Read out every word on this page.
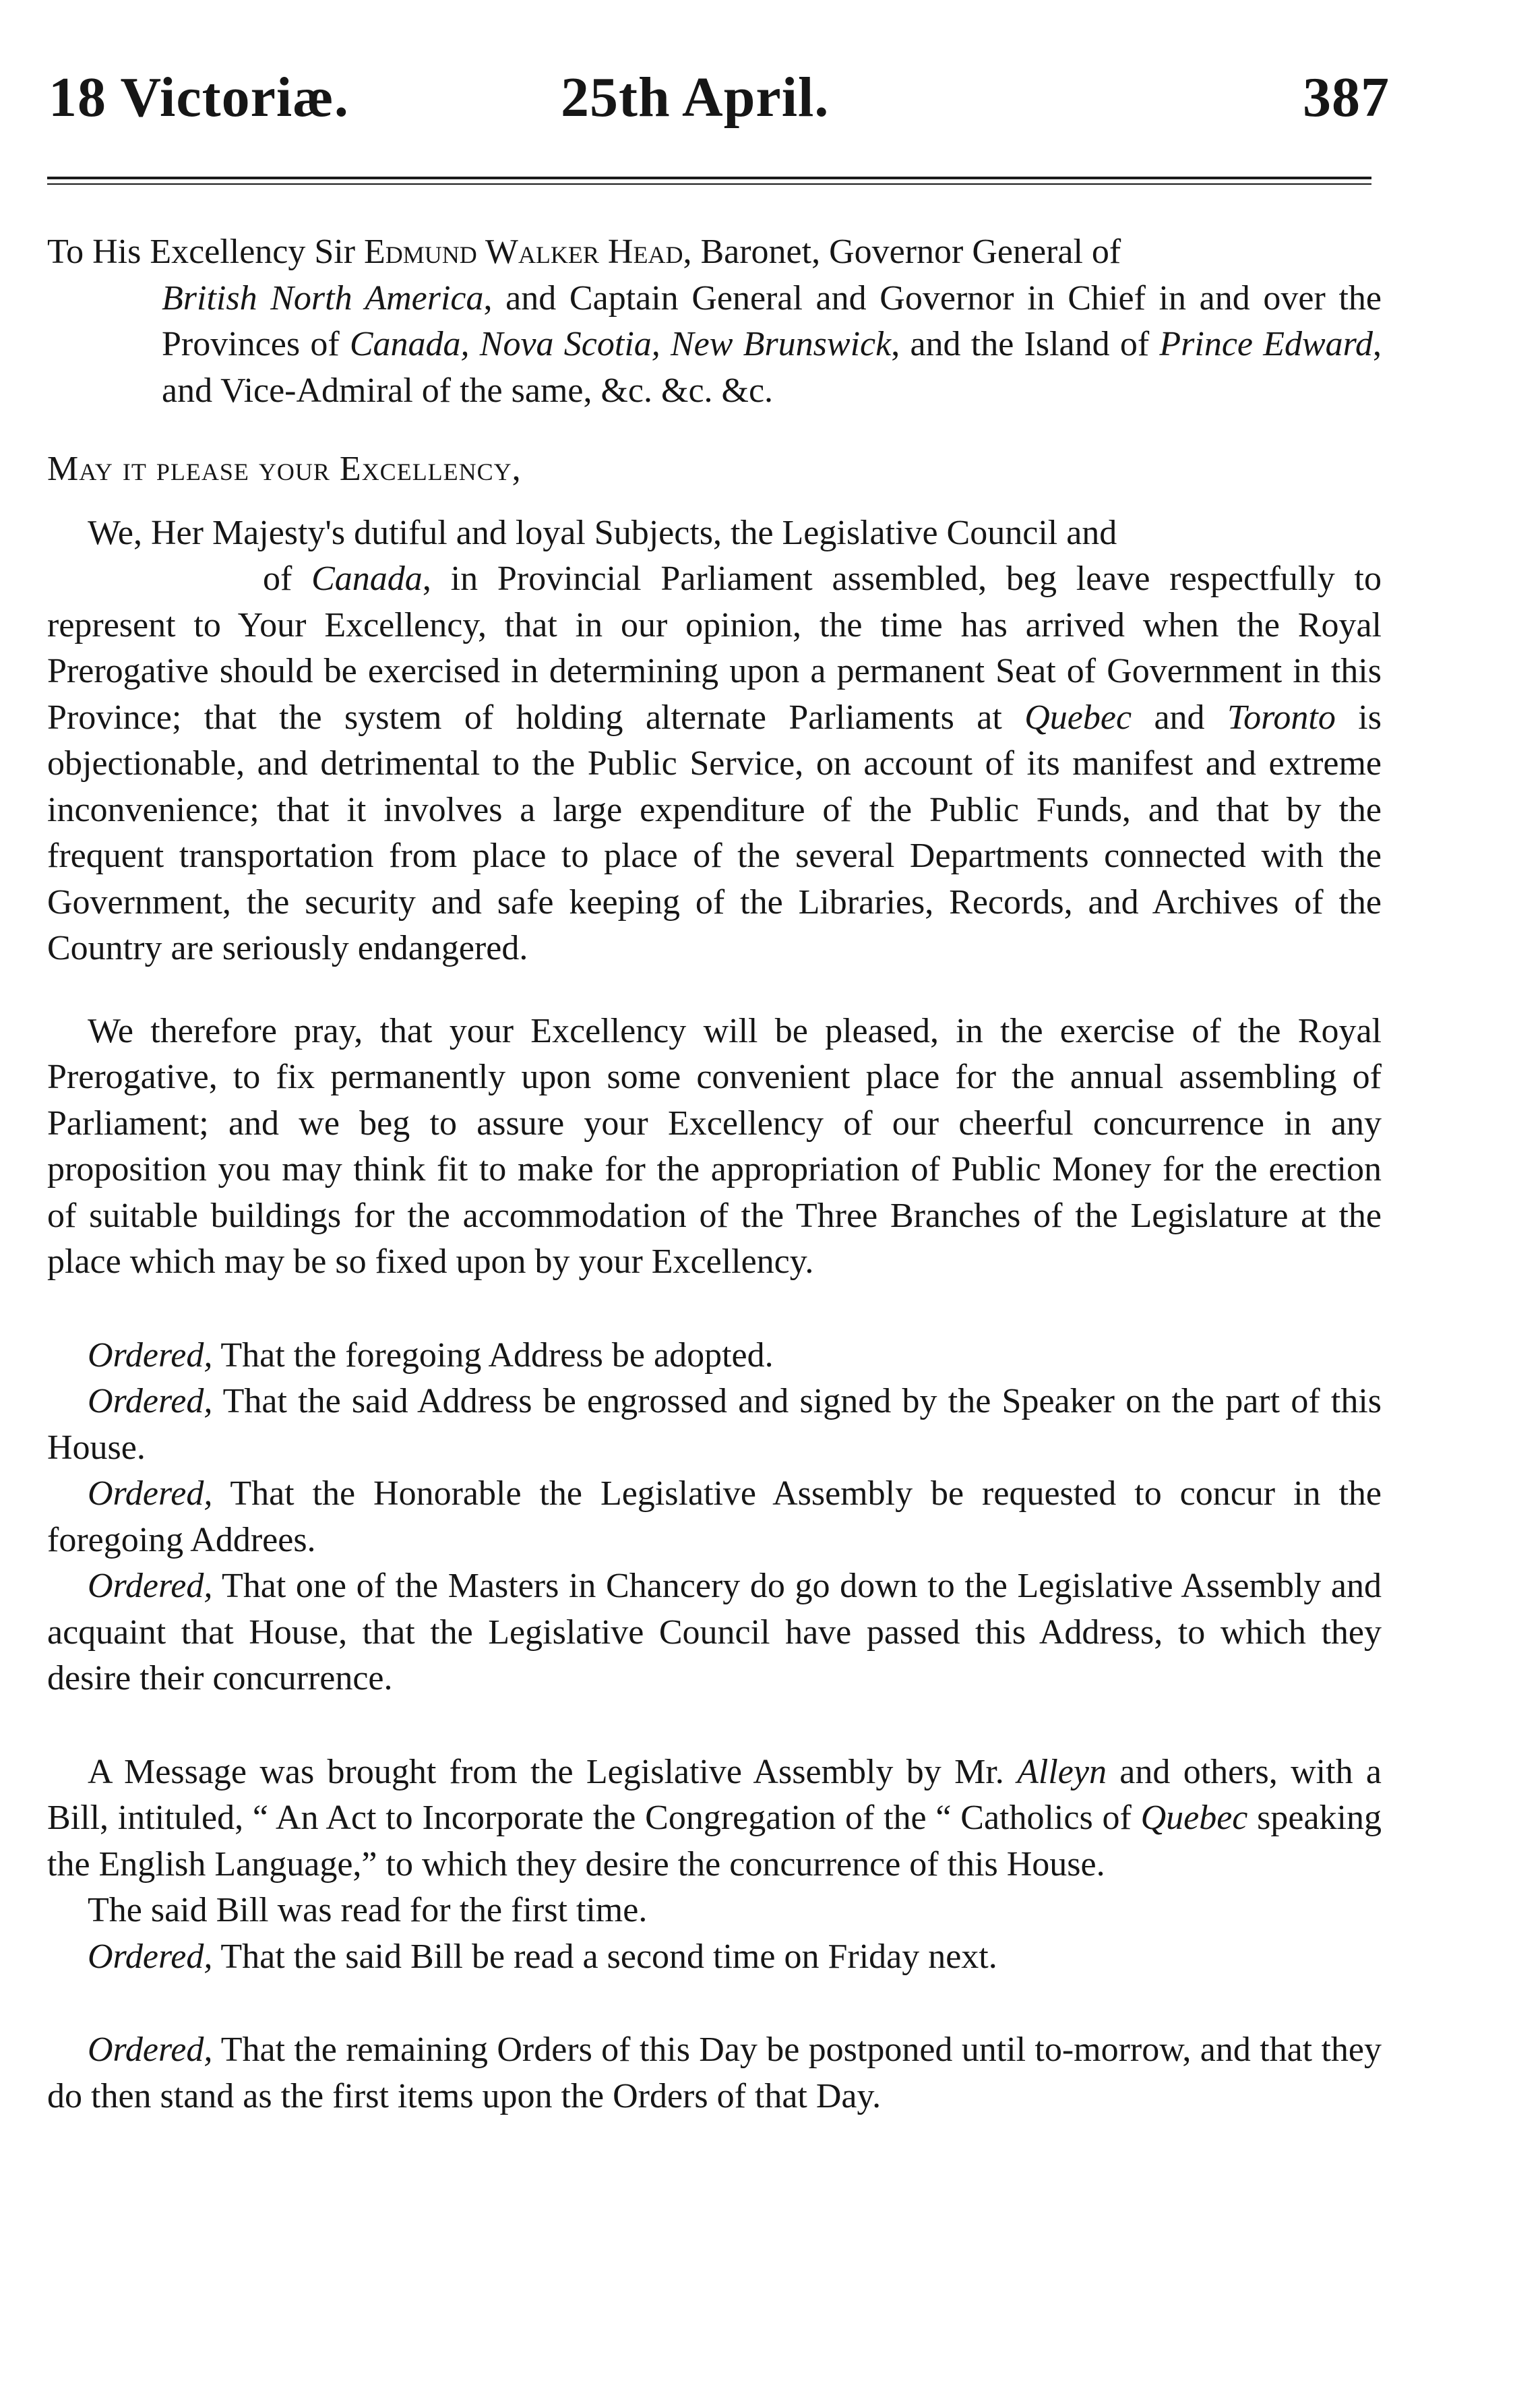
18 Victoriæ.	25th April.	387

To His Excellency Sir Edmund Walker Head, Baronet, Governor General of

British North America, and Captain General and Governor in Chief in and over the Provinces of Canada, Nova Scotia, New Brunswick, and the Island of Prince Edward, and Vice-Admiral of the same, &c. &c. &c.

May it please your Excellency,

We, Her Majesty's dutiful and loyal Subjects, the Legislative Council and
of Canada, in Provincial Parliament assembled, beg leave respectfully to represent to Your Excellency, that in our opinion, the time has arrived when the Royal Prerogative should be exercised in determining upon a permanent Seat of Government in this Province; that the system of holding alternate Parliaments at Quebec and Toronto is objectionable, and detrimental to the Public Service, on account of its manifest and extreme inconvenience; that it involves a large expenditure of the Public Funds, and that by the frequent transportation from place to place of the several Departments connected with the Government, the security and safe keeping of the Libraries, Records, and Archives of the Country are seriously endangered.

We therefore pray, that your Excellency will be pleased, in the exercise of the Royal Prerogative, to fix permanently upon some convenient place for the annual assembling of Parliament; and we beg to assure your Excellency of our cheerful concurrence in any proposition you may think fit to make for the appropriation of Public Money for the erection of suitable buildings for the accommodation of the Three Branches of the Legislature at the place which may be so fixed upon by your Excellency.

Ordered, That the foregoing Address be adopted.

Ordered, That the said Address be engrossed and signed by the Speaker on the part of this House.

Ordered, That the Honorable the Legislative Assembly be requested to concur in the foregoing Addrees.

Ordered, That one of the Masters in Chancery do go down to the Legislative Assembly and acquaint that House, that the Legislative Council have passed this Address, to which they desire their concurrence.

A Message was brought from the Legislative Assembly by Mr. Alleyn and others, with a Bill, intituled, “ An Act to Incorporate the Congregation of the “ Catholics of Quebec speaking the English Language,” to which they desire the concurrence of this House.

The said Bill was read for the first time.

Ordered, That the said Bill be read a second time on Friday next.

Ordered, That the remaining Orders of this Day be postponed until to-morrow, and that they do then stand as the first items upon the Orders of that Day.
